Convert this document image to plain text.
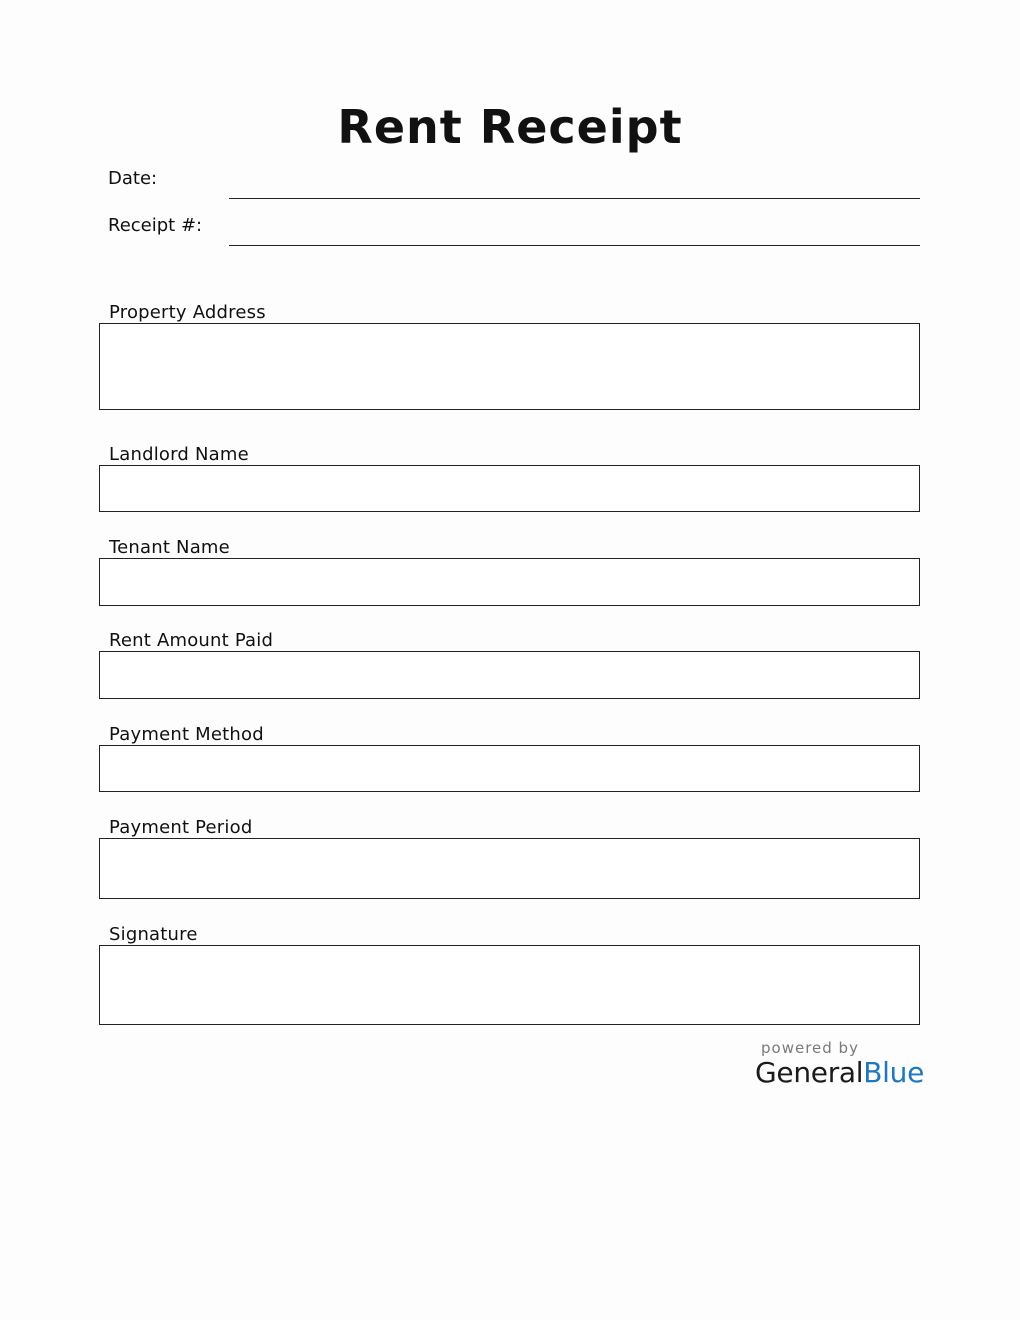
Rent Receipt
Date:
Receipt #:
Property Address
Landlord Name
Tenant Name
Rent Amount Paid
Payment Method
Payment Period
Signature
powered by
GeneralBlue
